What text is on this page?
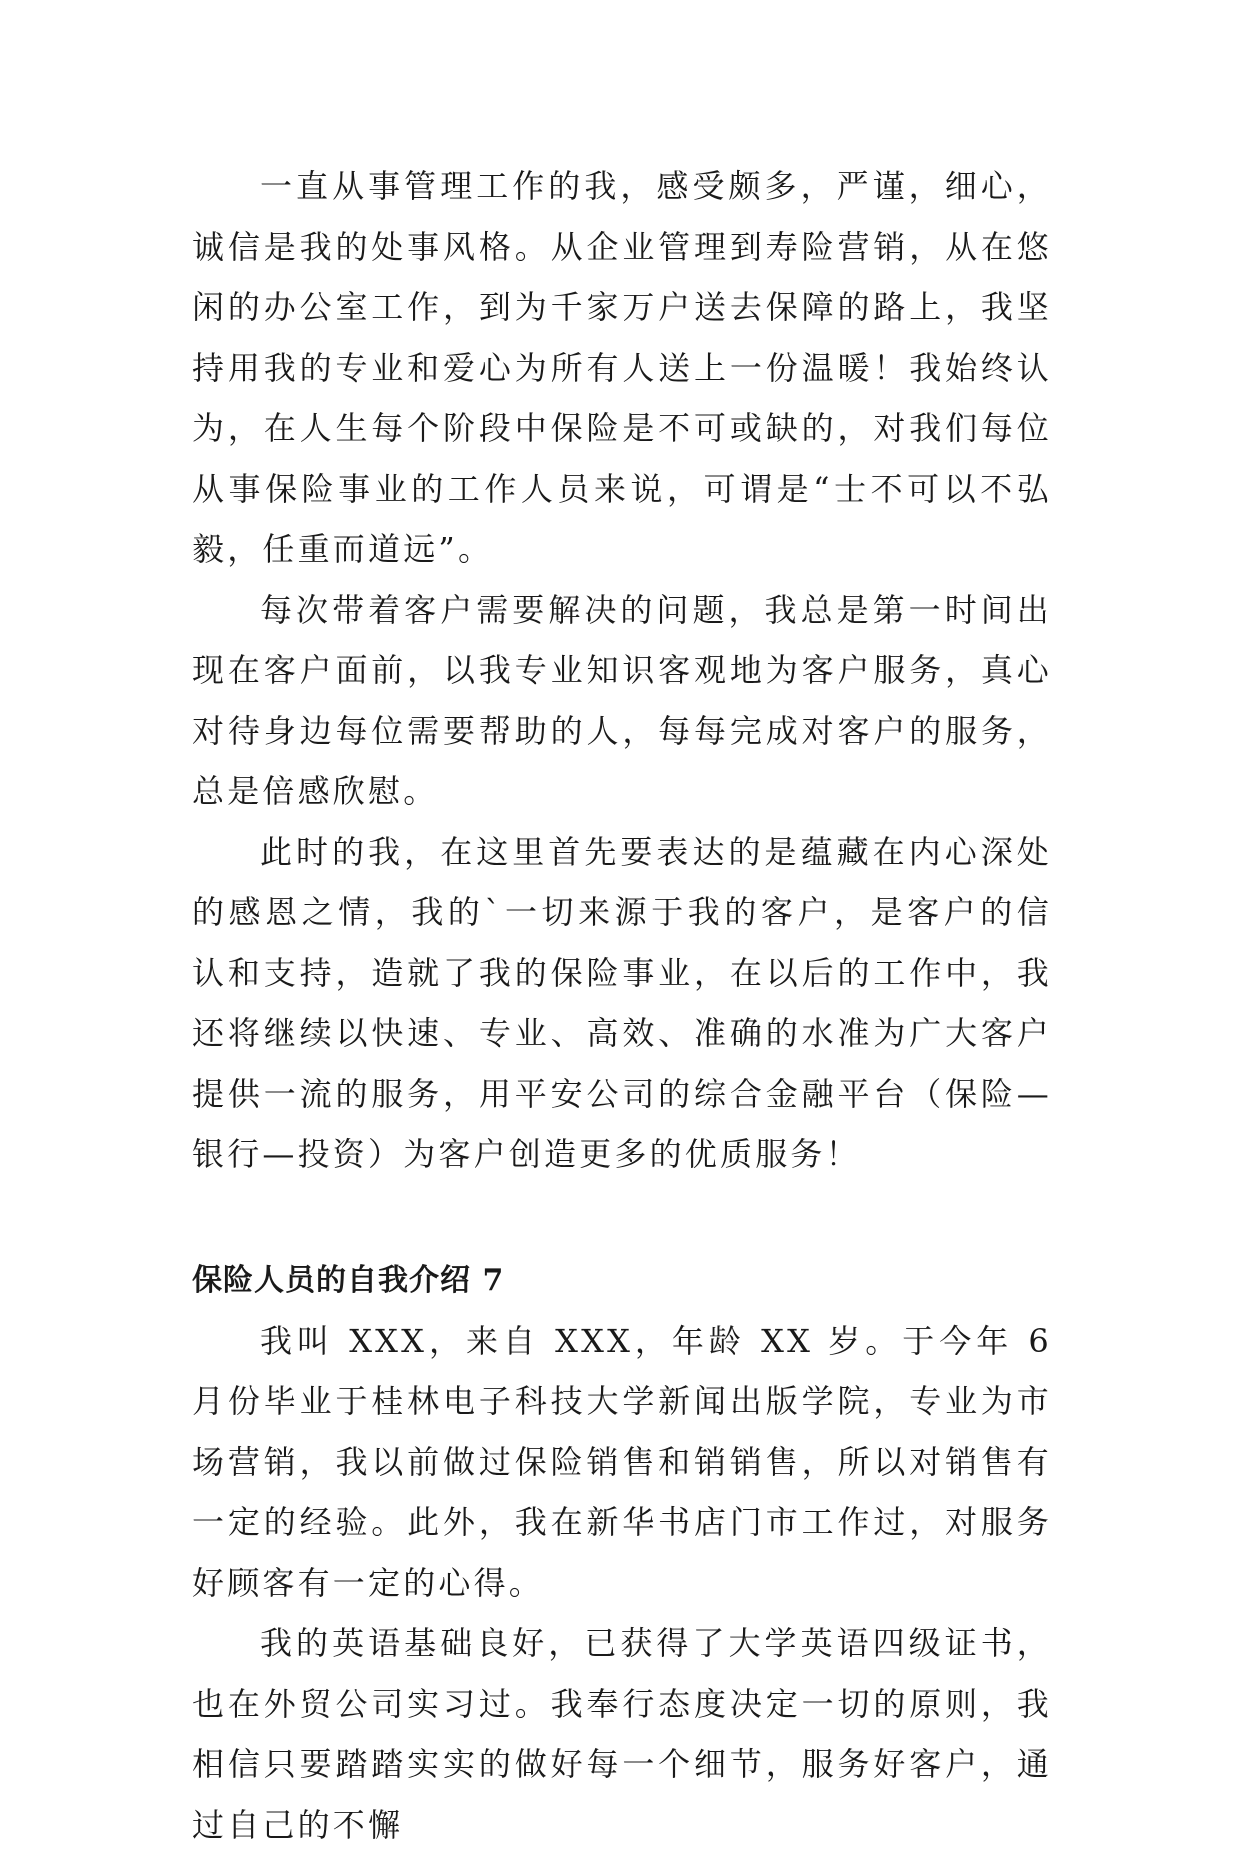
一直从事管理工作的我，感受颇多，严谨，细心，诚信是我的处事风格。从企业管理到寿险营销，从在悠闲的办公室工作，到为千家万户送去保障的路上，我坚持用我的专业和爱心为所有人送上一份温暖！我始终认为，在人生每个阶段中保险是不可或缺的，对我们每位从事保险事业的工作人员来说，可谓是“士不可以不弘毅，任重而道远”。

每次带着客户需要解决的问题，我总是第一时间出现在客户面前，以我专业知识客观地为客户服务，真心对待身边每位需要帮助的人，每每完成对客户的服务，总是倍感欣慰。

此时的我，在这里首先要表达的是蕴藏在内心深处的感恩之情，我的`一切来源于我的客户，是客户的信认和支持，造就了我的保险事业，在以后的工作中，我还将继续以快速、专业、高效、准确的水准为广大客户提供一流的服务，用平安公司的综合金融平台（保险—银行—投资）为客户创造更多的优质服务！

保险人员的自我介绍 7

我叫 XXX，来自 XXX，年龄 XX 岁。于今年 6 月份毕业于桂林电子科技大学新闻出版学院，专业为市场营销，我以前做过保险销售和销销售，所以对销售有一定的经验。此外，我在新华书店门市工作过，对服务好顾客有一定的心得。

我的英语基础良好，已获得了大学英语四级证书，也在外贸公司实习过。我奉行态度决定一切的原则，我相信只要踏踏实实的做好每一个细节，服务好客户，通过自己的不懈
